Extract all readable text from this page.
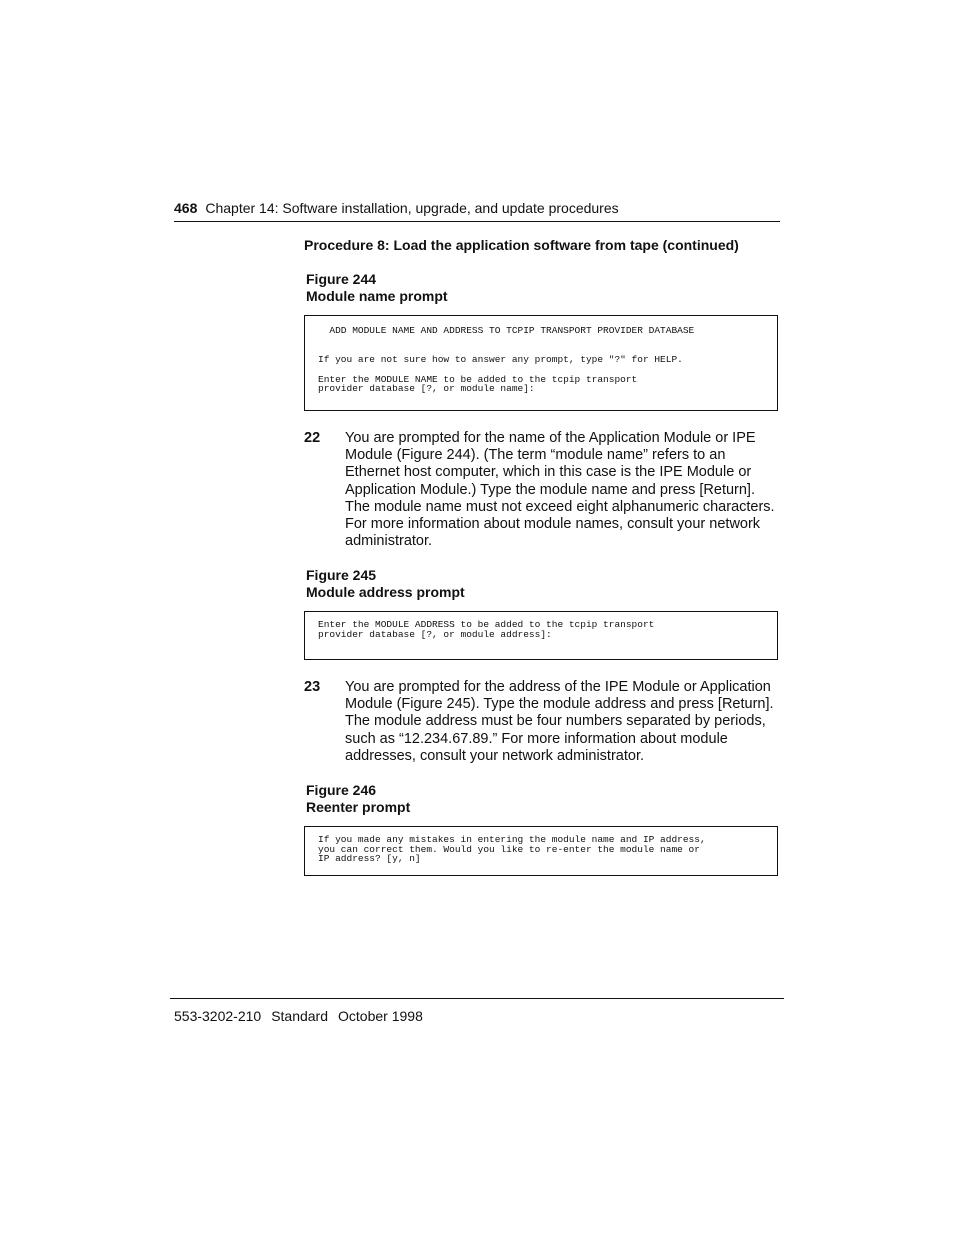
468 Chapter 14: Software installation, upgrade, and update procedures
Procedure 8: Load the application software from tape (continued)
Figure 244
Module name prompt
ADD MODULE NAME AND ADDRESS TO TCPIP TRANSPORT PROVIDER DATABASE

If you are not sure how to answer any prompt, type "?" for HELP.

Enter the MODULE NAME to be added to the tcpip transport
provider database [?, or module name]:
22 You are prompted for the name of the Application Module or IPE Module (Figure 244). (The term “module name” refers to an Ethernet host computer, which in this case is the IPE Module or Application Module.) Type the module name and press [Return]. The module name must not exceed eight alphanumeric characters. For more information about module names, consult your network administrator.
Figure 245
Module address prompt
Enter the MODULE ADDRESS to be added to the tcpip transport
provider database [?, or module address]:
23 You are prompted for the address of the IPE Module or Application Module (Figure 245). Type the module address and press [Return]. The module address must be four numbers separated by periods, such as “12.234.67.89.” For more information about module addresses, consult your network administrator.
Figure 246
Reenter prompt
If you made any mistakes in entering the module name and IP address,
you can correct them. Would you like to re-enter the module name or
IP address? [y, n]
553-3202-210 Standard October 1998
